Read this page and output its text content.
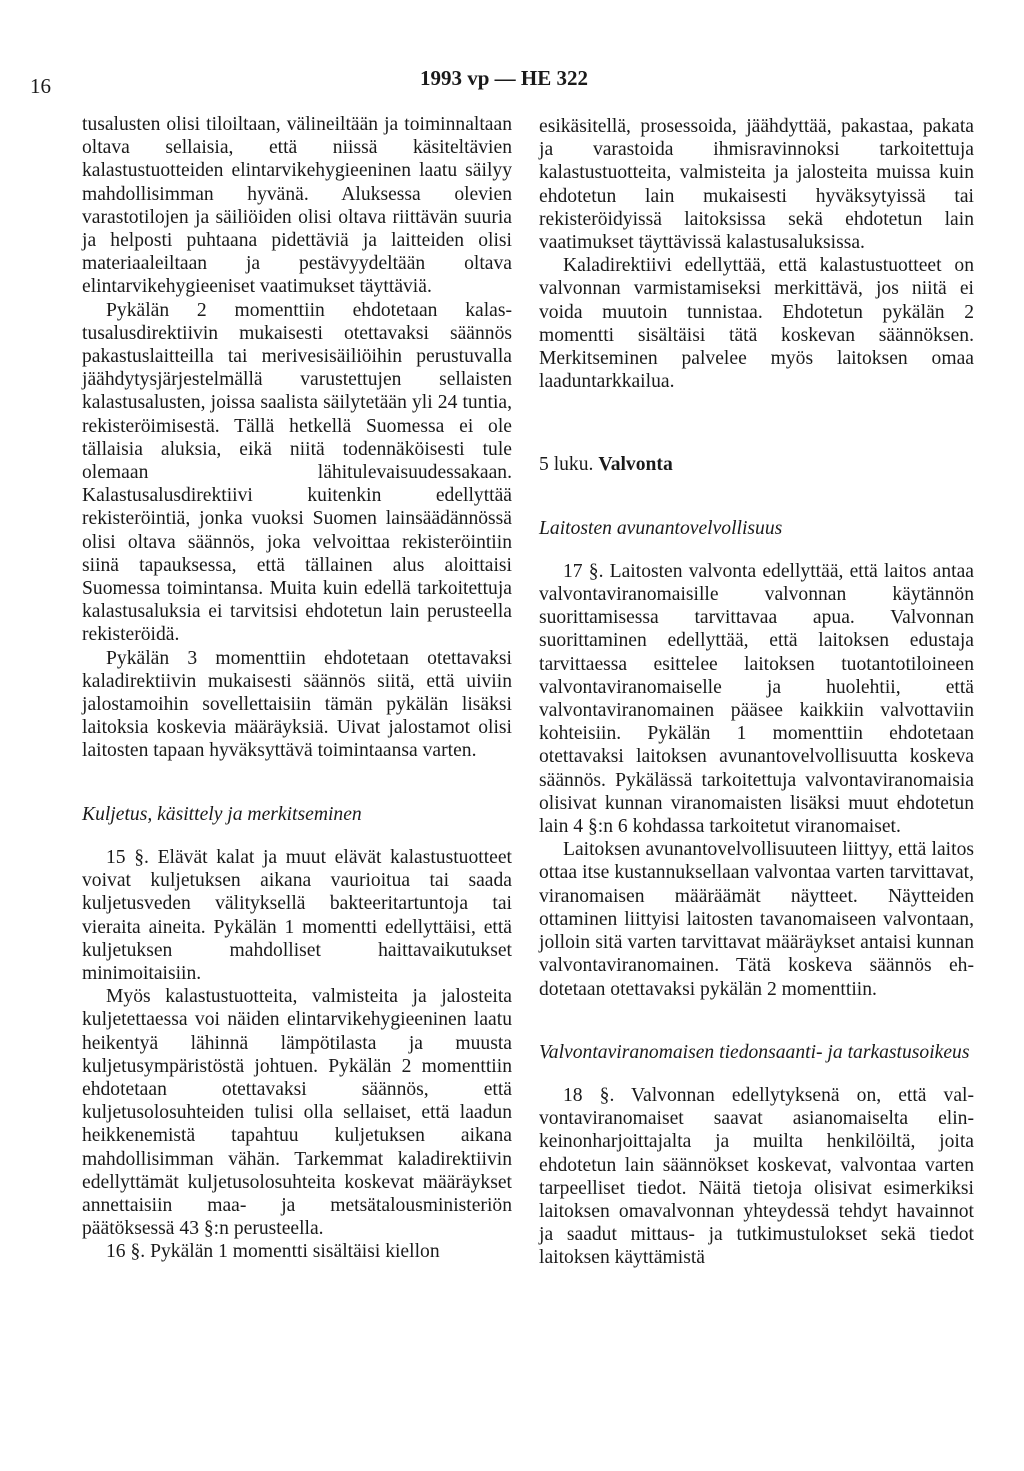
16	1993 vp — HE 322

tusalusten olisi tiloiltaan, välineiltään ja toiminnaltaan oltava sellaisia, että niissä käsiteltävien kalastustuotteiden elintarvikehygieeninen laatu säilyy mahdollisimman hyvänä. Aluksessa olevien varastotilojen ja säiliöiden olisi oltava riittävän suuria ja helposti puhtaana pidettäviä ja laitteiden olisi materiaaleiltaan ja pestävyydeltään oltava elintarvikehygieeniset vaatimukset täyttäviä.

Pykälän 2 momenttiin ehdotetaan kalastusalusdirektiivin mukaisesti otettavaksi säännös pakastuslaitteilla tai merivesisäiliöihin perustuvalla jäähdytysjärjestelmällä varustettujen sellaisten kalastusalusten, joissa saalista säilytetään yli 24 tuntia, rekisteröimisestä. Tällä hetkellä Suomessa ei ole tällaisia aluksia, eikä niitä todennäköisesti tule olemaan lähitulevaisuudessakaan. Kalastusalusdirektiivi kuitenkin edellyttää rekisteröintiä, jonka vuoksi Suomen lainsäädännössä olisi oltava säännös, joka velvoittaa rekisteröintiin siinä tapauksessa, että tällainen alus aloittaisi Suomessa toimintansa. Muita kuin edellä tarkoitettuja kalastusaluksia ei tarvitsisi ehdotetun lain perusteella rekisteröidä.

Pykälän 3 momenttiin ehdotetaan otettavaksi kaladirektiivin mukaisesti säännös siitä, että uiviin jalostamoihin sovellettaisiin tämän pykälän lisäksi laitoksia koskevia määräyksiä. Uivat jalostamot olisi laitosten tapaan hyväksyttävä toimintaansa varten.

Kuljetus, käsittely ja merkitseminen

15 §. Elävät kalat ja muut elävät kalastustuotteet voivat kuljetuksen aikana vaurioitua tai saada kuljetusveden välityksellä bakteeritartuntoja tai vieraita aineita. Pykälän 1 momentti edellyttäisi, että kuljetuksen mahdolliset haittavaikutukset minimoitaisiin.

Myös kalastustuotteita, valmisteita ja jalosteita kuljetettaessa voi näiden elintarvikehygieeninen laatu heikentyä lähinnä lämpötilasta ja muusta kuljetusympäristöstä johtuen. Pykälän 2 momenttiin ehdotetaan otettavaksi säännös, että kuljetusolosuhteiden tulisi olla sellaiset, että laadun heikkenemistä tapahtuu kuljetuksen aikana mahdollisimman vähän. Tarkemmat kaladirektiivin edellyttämät kuljetusolosuhteita koskevat määräykset annettaisiin maa- ja metsätalousministeriön päätöksessä 43 §:n perusteella.

16 §. Pykälän 1 momentti sisältäisi kiellon

esikäsitellä, prosessoida, jäähdyttää, pakastaa, pakata ja varastoida ihmisravinnoksi tarkoitettuja kalastustuotteita, valmisteita ja jalosteita muissa kuin ehdotetun lain mukaisesti hyväksytyissä tai rekisteröidyissä laitoksissa sekä ehdotetun lain vaatimukset täyttävissä kalastusaluksissa.

Kaladirektiivi edellyttää, että kalastustuotteet on valvonnan varmistamiseksi merkittävä, jos niitä ei voida muutoin tunnistaa. Ehdotetun pykälän 2 momentti sisältäisi tätä koskevan säännöksen. Merkitseminen palvelee myös laitoksen omaa laaduntarkkailua.

5 luku. Valvonta

Laitosten avunantovelvollisuus

17 §. Laitosten valvonta edellyttää, että laitos antaa valvontaviranomaisille valvonnan käytännön suorittamisessa tarvittavaa apua. Valvonnan suorittaminen edellyttää, että laitoksen edustaja tarvittaessa esittelee laitoksen tuotantotiloineen valvontaviranomaiselle ja huolehtii, että valvontaviranomainen pääsee kaikkiin valvottaviin kohteisiin. Pykälän 1 momenttiin ehdotetaan otettavaksi laitoksen avunantovelvollisuutta koskeva säännös. Pykälässä tarkoitettuja valvontaviranomaisia olisivat kunnan viranomaisten lisäksi muut ehdotetun lain 4 §:n 6 kohdassa tarkoitetut viranomaiset.

Laitoksen avunantovelvollisuuteen liittyy, että laitos ottaa itse kustannuksellaan valvontaa varten tarvittavat, viranomaisen määräämät näytteet. Näytteiden ottaminen liittyisi laitosten tavanomaiseen valvontaan, jolloin sitä varten tarvittavat määräykset antaisi kunnan valvontaviranomainen. Tätä koskeva säännös ehdotetaan otettavaksi pykälän 2 momenttiin.

Valvontaviranomaisen tiedonsaanti- ja tarkastusoikeus

18 §. Valvonnan edellytyksenä on, että valvontaviranomaiset saavat asianomaiselta elinkeinonharjoittajalta ja muilta henkilöiltä, joita ehdotetun lain säännökset koskevat, valvontaa varten tarpeelliset tiedot. Näitä tietoja olisivat esimerkiksi laitoksen omavalvonnan yhteydessä tehdyt havainnot ja saadut mittaus- ja tutkimustulokset sekä tiedot laitoksen käyttämistä
